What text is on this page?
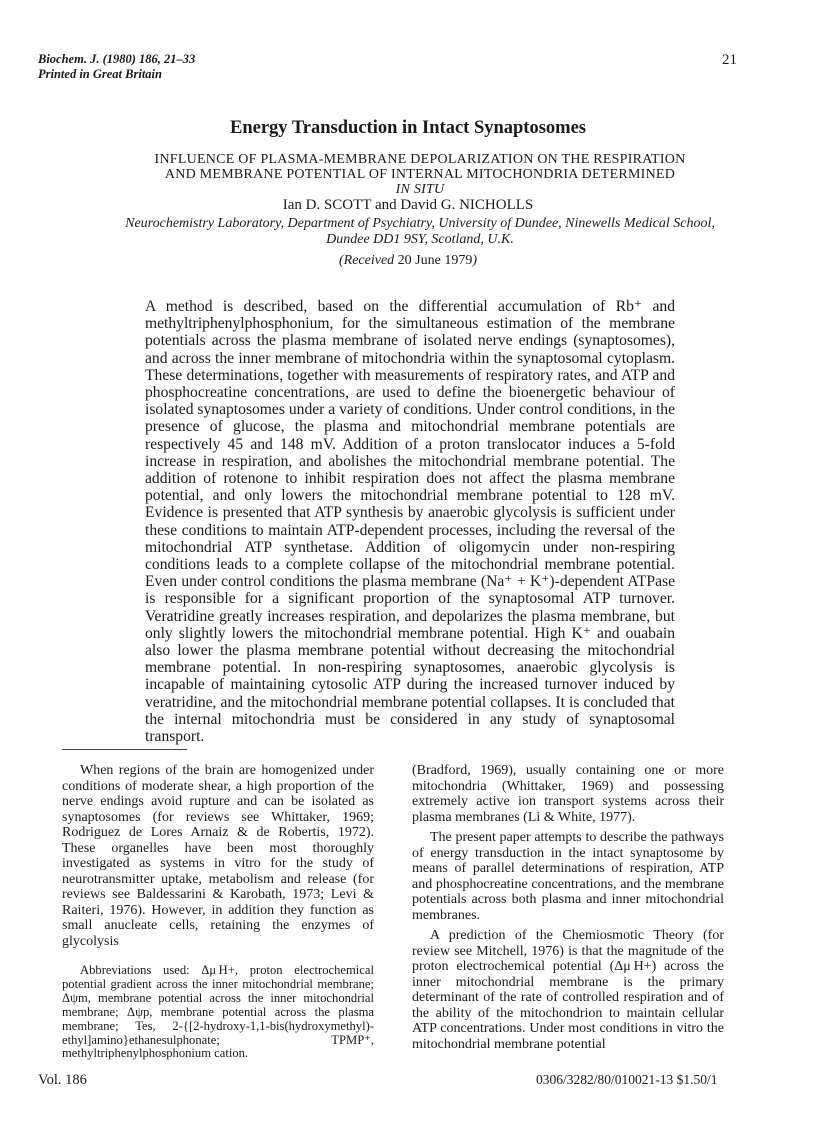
Biochem. J. (1980) 186, 21–33
Printed in Great Britain
21
Energy Transduction in Intact Synaptosomes
INFLUENCE OF PLASMA-MEMBRANE DEPOLARIZATION ON THE RESPIRATION AND MEMBRANE POTENTIAL OF INTERNAL MITOCHONDRIA DETERMINED
IN SITU
Ian D. SCOTT and David G. NICHOLLS
Neurochemistry Laboratory, Department of Psychiatry, University of Dundee, Ninewells Medical School, Dundee DD1 9SY, Scotland, U.K.
(Received 20 June 1979)
A method is described, based on the differential accumulation of Rb⁺ and methyltriphenylphosphonium, for the simultaneous estimation of the membrane potentials across the plasma membrane of isolated nerve endings (synaptosomes), and across the inner membrane of mitochondria within the synaptosomal cytoplasm. These determinations, together with measurements of respiratory rates, and ATP and phosphocreatine concentrations, are used to define the bioenergetic behaviour of isolated synaptosomes under a variety of conditions. Under control conditions, in the presence of glucose, the plasma and mitochondrial membrane potentials are respectively 45 and 148 mV. Addition of a proton translocator induces a 5-fold increase in respiration, and abolishes the mitochondrial membrane potential. The addition of rotenone to inhibit respiration does not affect the plasma membrane potential, and only lowers the mitochondrial membrane potential to 128 mV. Evidence is presented that ATP synthesis by anaerobic glycolysis is sufficient under these conditions to maintain ATP-dependent processes, including the reversal of the mitochondrial ATP synthetase. Addition of oligomycin under non-respiring conditions leads to a complete collapse of the mitochondrial membrane potential. Even under control conditions the plasma membrane (Na⁺ + K⁺)-dependent ATPase is responsible for a significant proportion of the synaptosomal ATP turnover. Veratridine greatly increases respiration, and depolarizes the plasma membrane, but only slightly lowers the mitochondrial membrane potential. High K⁺ and ouabain also lower the plasma membrane potential without decreasing the mitochondrial membrane potential. In non-respiring synaptosomes, anaerobic glycolysis is incapable of maintaining cytosolic ATP during the increased turnover induced by veratridine, and the mitochondrial membrane potential collapses. It is concluded that the internal mitochondria must be considered in any study of synaptosomal transport.

When regions of the brain are homogenized under conditions of moderate shear, a high proportion of the nerve endings avoid rupture and can be isolated as synaptosomes (for reviews see Whittaker, 1969; Rodriguez de Lores Arnaiz & de Robertis, 1972). These organelles have been most thoroughly investigated as systems in vitro for the study of neurotransmitter uptake, metabolism and release (for reviews see Baldessarini & Karobath, 1973; Levi & Raiteri, 1976). However, in addition they function as small anucleate cells, retaining the enzymes of glycolysis

Abbreviations used: Δμ H+, proton electrochemical potential gradient across the inner mitochondrial membrane; Δψm, membrane potential across the inner mitochondrial membrane; Δψp, membrane potential across the plasma membrane; Tes, 2-{[2-hydroxy-1,1-bis(hydroxymethyl)-ethyl]amino}ethanesulphonate; TPMP⁺, methyltriphenylphosphonium cation.

(Bradford, 1969), usually containing one or more mitochondria (Whittaker, 1969) and possessing extremely active ion transport systems across their plasma membranes (Li & White, 1977).

The present paper attempts to describe the pathways of energy transduction in the intact synaptosome by means of parallel determinations of respiration, ATP and phosphocreatine concentrations, and the membrane potentials across both plasma and inner mitochondrial membranes.

A prediction of the Chemiosmotic Theory (for review see Mitchell, 1976) is that the magnitude of the proton electrochemical potential (Δμ H+) across the inner mitochondrial membrane is the primary determinant of the rate of controlled respiration and of the ability of the mitochondrion to maintain cellular ATP concentrations. Under most conditions in vitro the mitochondrial membrane potential

Vol. 186	0306/3282/80/010021-13 $1.50/1
